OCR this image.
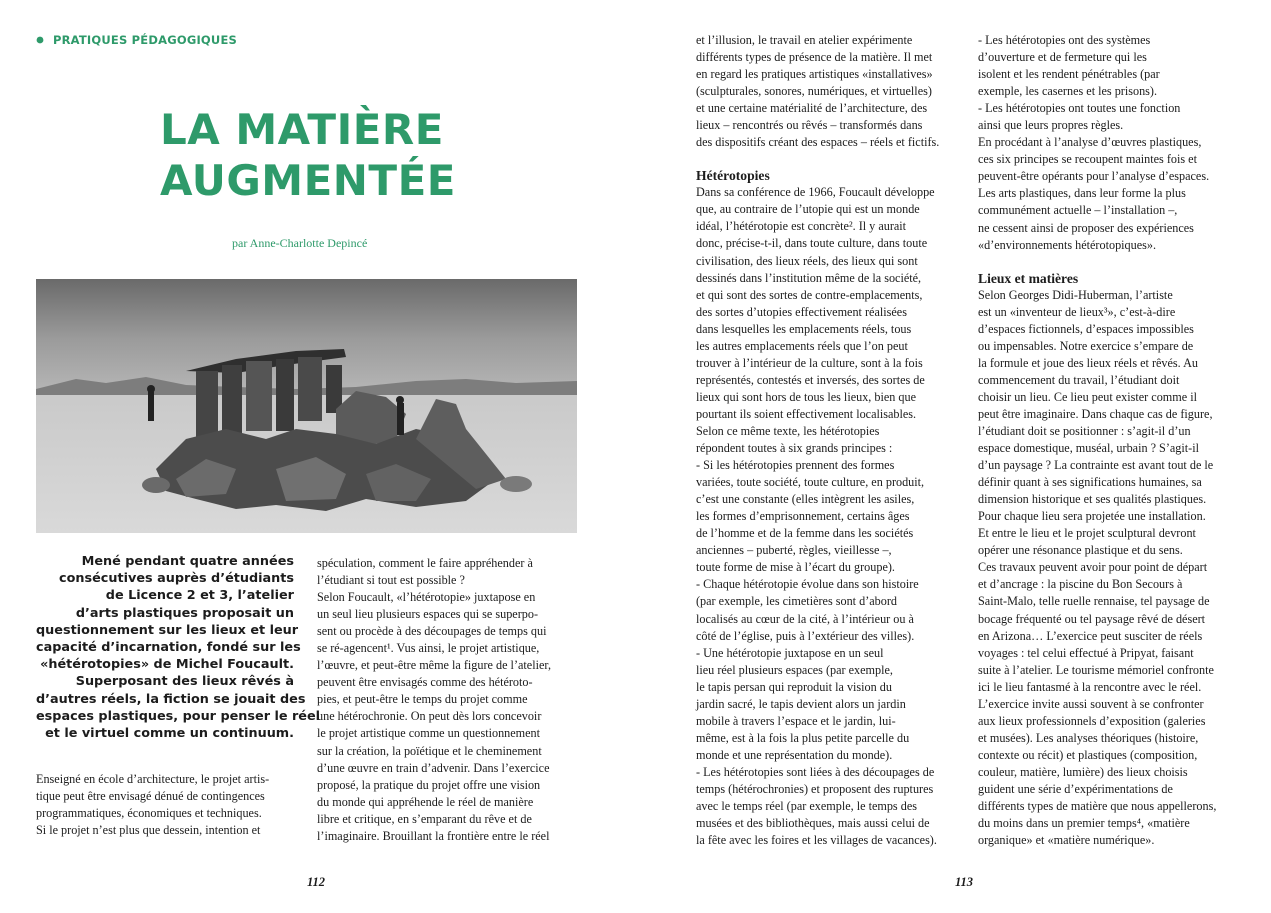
PRATIQUES PÉDAGOGIQUES
LA MATIÈRE
AUGMENTÉE
par Anne-Charlotte Depincé

Mené pendant quatre années

consécutives auprès d’étudiants

de Licence 2 et 3, l’atelier

d’arts plastiques proposait un

questionnement sur les lieux et leur

capacité d’incarnation, fondé sur les

«hétérotopies» de Michel Foucault.

Superposant des lieux rêvés à

d’autres réels, la fiction se jouait des

espaces plastiques, pour penser le réel

et le virtuel comme un continuum.

Enseigné en école d’architecture, le projet artis-

tique peut être envisagé dénué de contingences

programmatiques, économiques et techniques.

Si le projet n’est plus que dessein, intention et

spéculation, comment le faire appréhender à

l’étudiant si tout est possible ?

Selon Foucault, «l’hétérotopie» juxtapose en

un seul lieu plusieurs espaces qui se superpo-

sent ou procède à des découpages de temps qui

se ré-agencent¹. Vus ainsi, le projet artistique,

l’œuvre, et peut-être même la figure de l’atelier,

peuvent être envisagés comme des hétéroto-

pies, et peut-être le temps du projet comme

une hétérochronie. On peut dès lors concevoir

le projet artistique comme un questionnement

sur la création, la poïétique et le cheminement

d’une œuvre en train d’advenir. Dans l’exercice

proposé, la pratique du projet offre une vision

du monde qui appréhende le réel de manière

libre et critique, en s’emparant du rêve et de

l’imaginaire. Brouillant la frontière entre le réel

et l’illusion, le travail en atelier expérimente

différents types de présence de la matière. Il met

en regard les pratiques artistiques «installatives»

(sculpturales, sonores, numériques, et virtuelles)

et une certaine matérialité de l’architecture, des

lieux – rencontrés ou rêvés – transformés dans

des dispositifs créant des espaces – réels et fictifs.

Hétérotopies

Dans sa conférence de 1966, Foucault développe

que, au contraire de l’utopie qui est un monde

idéal, l’hétérotopie est concrète². Il y aurait

donc, précise-t-il, dans toute culture, dans toute

civilisation, des lieux réels, des lieux qui sont

dessinés dans l’institution même de la société,

et qui sont des sortes de contre-emplacements,

des sortes d’utopies effectivement réalisées

dans lesquelles les emplacements réels, tous

les autres emplacements réels que l’on peut

trouver à l’intérieur de la culture, sont à la fois

représentés, contestés et inversés, des sortes de

lieux qui sont hors de tous les lieux, bien que

pourtant ils soient effectivement localisables.

Selon ce même texte, les hétérotopies

répondent toutes à six grands principes :

- Si les hétérotopies prennent des formes

variées, toute société, toute culture, en produit,

c’est une constante (elles intègrent les asiles,

les formes d’emprisonnement, certains âges

de l’homme et de la femme dans les sociétés

anciennes – puberté, règles, vieillesse –,

toute forme de mise à l’écart du groupe).

- Chaque hétérotopie évolue dans son histoire

(par exemple, les cimetières sont d’abord

localisés au cœur de la cité, à l’intérieur ou à

côté de l’église, puis à l’extérieur des villes).

- Une hétérotopie juxtapose en un seul

lieu réel plusieurs espaces (par exemple,

le tapis persan qui reproduit la vision du

jardin sacré, le tapis devient alors un jardin

mobile à travers l’espace et le jardin, lui-

même, est à la fois la plus petite parcelle du

monde et une représentation du monde).

- Les hétérotopies sont liées à des découpages de

temps (hétérochronies) et proposent des ruptures

avec le temps réel (par exemple, le temps des

musées et des bibliothèques, mais aussi celui de

la fête avec les foires et les villages de vacances).

- Les hétérotopies ont des systèmes

d’ouverture et de fermeture qui les

isolent et les rendent pénétrables (par

exemple, les casernes et les prisons).

- Les hétérotopies ont toutes une fonction

ainsi que leurs propres règles.

En procédant à l’analyse d’œuvres plastiques,

ces six principes se recoupent maintes fois et

peuvent-être opérants pour l’analyse d’espaces.

Les arts plastiques, dans leur forme la plus

communément actuelle – l’installation –,

ne cessent ainsi de proposer des expériences

«d’environnements hétérotopiques».

Lieux et matières

Selon Georges Didi-Huberman, l’artiste

est un «inventeur de lieux³», c’est-à-dire

d’espaces fictionnels, d’espaces impossibles

ou impensables. Notre exercice s’empare de

la formule et joue des lieux réels et rêvés. Au

commencement du travail, l’étudiant doit

choisir un lieu. Ce lieu peut exister comme il

peut être imaginaire. Dans chaque cas de figure,

l’étudiant doit se positionner : s’agit-il d’un

espace domestique, muséal, urbain ? S’agit-il

d’un paysage ? La contrainte est avant tout de le

définir quant à ses significations humaines, sa

dimension historique et ses qualités plastiques.

Pour chaque lieu sera projetée une installation.

Et entre le lieu et le projet sculptural devront

opérer une résonance plastique et du sens.

Ces travaux peuvent avoir pour point de départ

et d’ancrage : la piscine du Bon Secours à

Saint-Malo, telle ruelle rennaise, tel paysage de

bocage fréquenté ou tel paysage rêvé de désert

en Arizona… L’exercice peut susciter de réels

voyages : tel celui effectué à Pripyat, faisant

suite à l’atelier. Le tourisme mémoriel confronte

ici le lieu fantasmé à la rencontre avec le réel.

L’exercice invite aussi souvent à se confronter

aux lieux professionnels d’exposition (galeries

et musées). Les analyses théoriques (histoire,

contexte ou récit) et plastiques (composition,

couleur, matière, lumière) des lieux choisis

guident une série d’expérimentations de

différents types de matière que nous appellerons,

du moins dans un premier temps⁴, «matière

organique» et «matière numérique».

112	113
